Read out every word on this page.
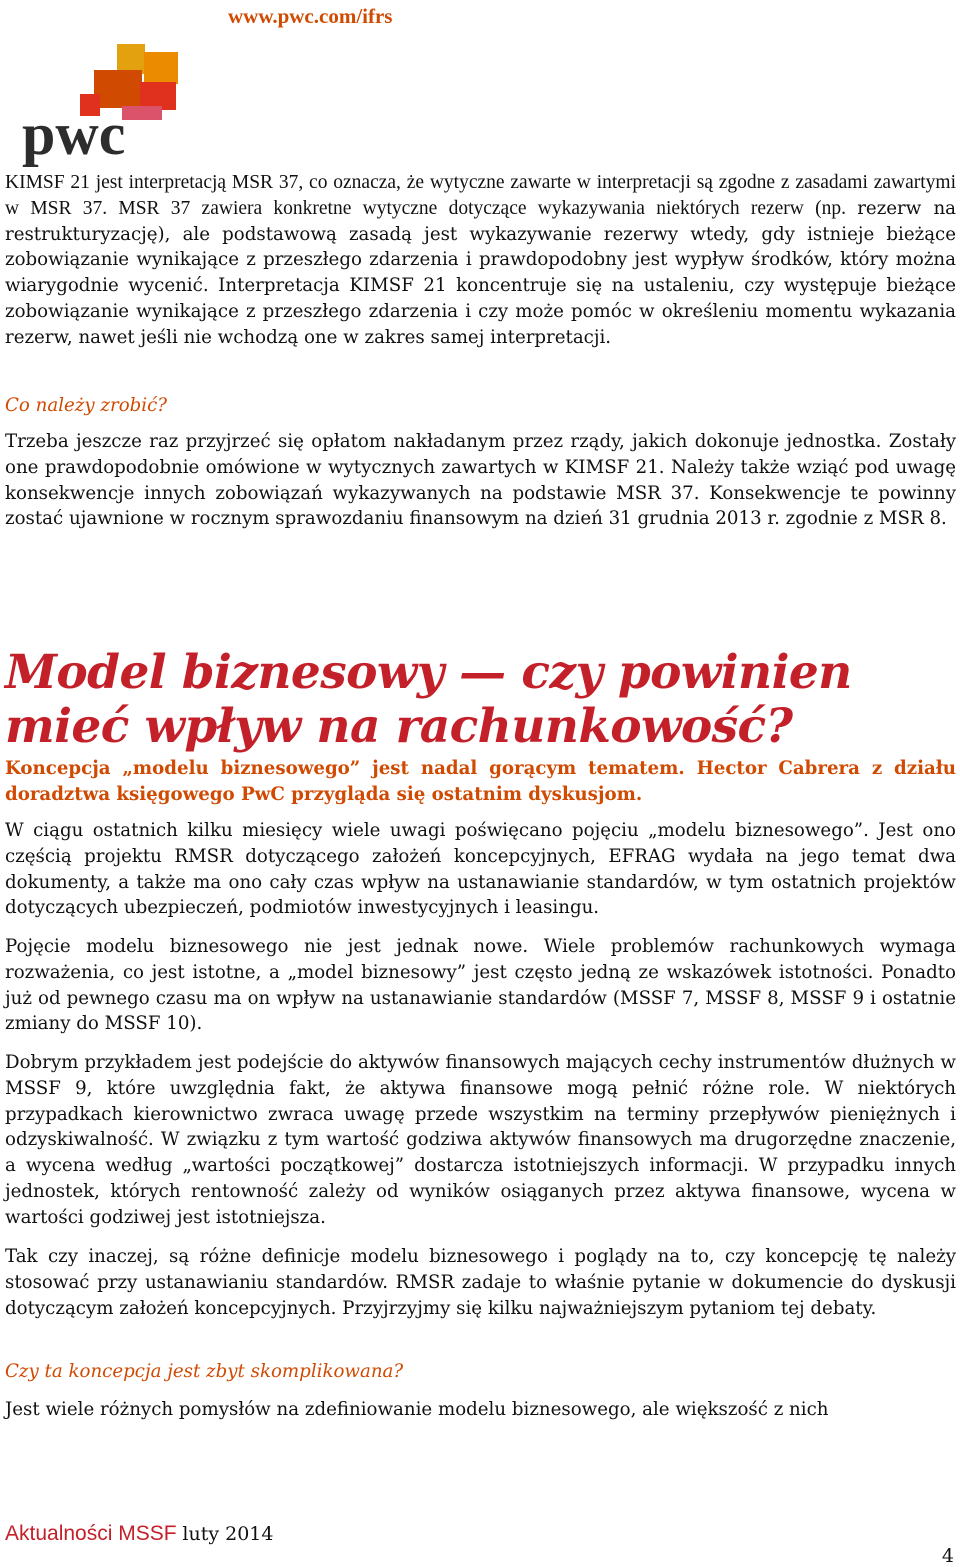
www.pwc.com/ifrs
pwc

KIMSF 21 jest interpretacją MSR 37, co oznacza, że wytyczne zawarte w interpretacji są zgodne z zasadami zawartymi w MSR 37. MSR 37 zawiera konkretne wytyczne dotyczące wykazywania niektórych rezerw (np. rezerw na restrukturyzację), ale podstawową zasadą jest wykazywanie rezerwy wtedy, gdy istnieje bieżące zobowiązanie wynikające z przeszłego zdarzenia i prawdopodobny jest wypływ środków, który można wiarygodnie wycenić. Interpretacja KIMSF 21 koncentruje się na ustaleniu, czy występuje bieżące zobowiązanie wynikające z przeszłego zdarzenia i czy może pomóc w określeniu momentu wykazania rezerw, nawet jeśli nie wchodzą one w zakres samej interpretacji.

Co należy zrobić?

Trzeba jeszcze raz przyjrzeć się opłatom nakładanym przez rządy, jakich dokonuje jednostka. Zostały one prawdopodobnie omówione w wytycznych zawartych w KIMSF 21. Należy także wziąć pod uwagę konsekwencje innych zobowiązań wykazywanych na podstawie MSR 37. Konsekwencje te powinny zostać ujawnione w rocznym sprawozdaniu finansowym na dzień 31 grudnia 2013 r. zgodnie z MSR 8.

Model biznesowy — czy powinien mieć wpływ na rachunkowość?
Koncepcja „modelu biznesowego” jest nadal gorącym tematem. Hector Cabrera z działu doradztwa księgowego PwC przygląda się ostatnim dyskusjom.

W ciągu ostatnich kilku miesięcy wiele uwagi poświęcano pojęciu „modelu biznesowego”. Jest ono częścią projektu RMSR dotyczącego założeń koncepcyjnych, EFRAG wydała na jego temat dwa dokumenty, a także ma ono cały czas wpływ na ustanawianie standardów, w tym ostatnich projektów dotyczących ubezpieczeń, podmiotów inwestycyjnych i leasingu.

Pojęcie modelu biznesowego nie jest jednak nowe. Wiele problemów rachunkowych wymaga rozważenia, co jest istotne, a „model biznesowy” jest często jedną ze wskazówek istotności. Ponadto już od pewnego czasu ma on wpływ na ustanawianie standardów (MSSF 7, MSSF 8, MSSF 9 i ostatnie zmiany do MSSF 10).

Dobrym przykładem jest podejście do aktywów finansowych mających cechy instrumentów dłużnych w MSSF 9, które uwzględnia fakt, że aktywa finansowe mogą pełnić różne role. W niektórych przypadkach kierownictwo zwraca uwagę przede wszystkim na terminy przepływów pieniężnych i odzyskiwalność. W związku z tym wartość godziwa aktywów finansowych ma drugorzędne znaczenie, a wycena według „wartości początkowej” dostarcza istotniejszych informacji. W przypadku innych jednostek, których rentowność zależy od wyników osiąganych przez aktywa finansowe, wycena w wartości godziwej jest istotniejsza.

Tak czy inaczej, są różne definicje modelu biznesowego i poglądy na to, czy koncepcję tę należy stosować przy ustanawianiu standardów. RMSR zadaje to właśnie pytanie w dokumencie do dyskusji dotyczącym założeń koncepcyjnych. Przyjrzyjmy się kilku najważniejszym pytaniom tej debaty.

Czy ta koncepcja jest zbyt skomplikowana?

Jest wiele różnych pomysłów na zdefiniowanie modelu biznesowego, ale większość z nich

Aktualności MSSF luty 2014
4
